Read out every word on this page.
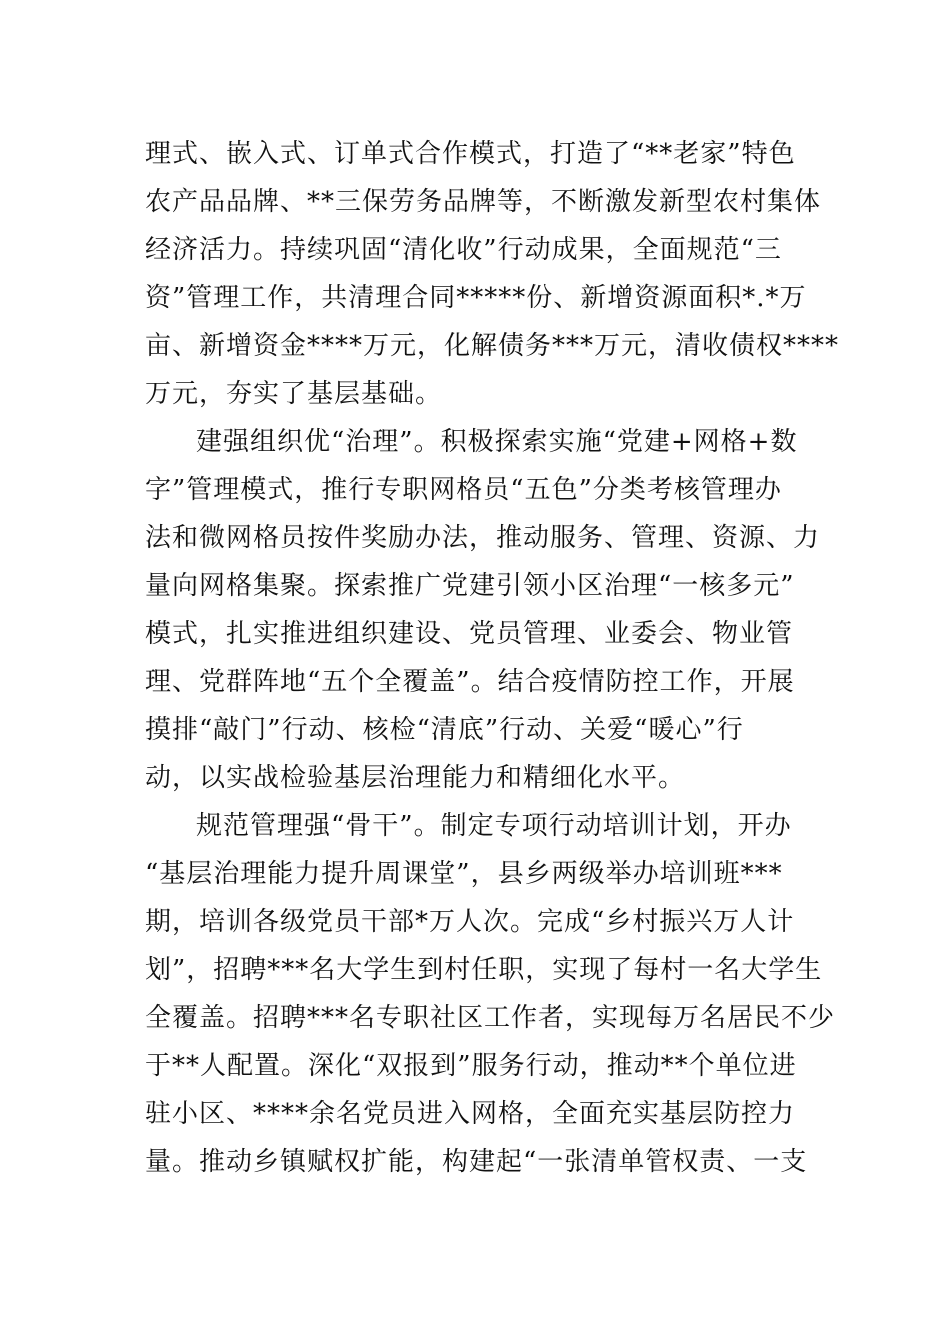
理式、嵌入式、订单式合作模式，打造了“**老家”特色
农产品品牌、**三保劳务品牌等，不断激发新型农村集体
经济活力。持续巩固“清化收”行动成果，全面规范“三
资”管理工作，共清理合同*****份、新增资源面积*.*万
亩、新增资金****万元，化解债务***万元，清收债权****
万元，夯实了基层基础。
建强组织优“治理”。积极探索实施“党建+网格+数
字”管理模式，推行专职网格员“五色”分类考核管理办
法和微网格员按件奖励办法，推动服务、管理、资源、力
量向网格集聚。探索推广党建引领小区治理“一核多元”
模式，扎实推进组织建设、党员管理、业委会、物业管
理、党群阵地“五个全覆盖”。结合疫情防控工作，开展
摸排“敲门”行动、核检“清底”行动、关爱“暖心”行
动，以实战检验基层治理能力和精细化水平。
规范管理强“骨干”。制定专项行动培训计划，开办
“基层治理能力提升周课堂”，县乡两级举办培训班***
期，培训各级党员干部*万人次。完成“乡村振兴万人计
划”，招聘***名大学生到村任职，实现了每村一名大学生
全覆盖。招聘***名专职社区工作者，实现每万名居民不少
于**人配置。深化“双报到”服务行动，推动**个单位进
驻小区、****余名党员进入网格，全面充实基层防控力
量。推动乡镇赋权扩能，构建起“一张清单管权责、一支
